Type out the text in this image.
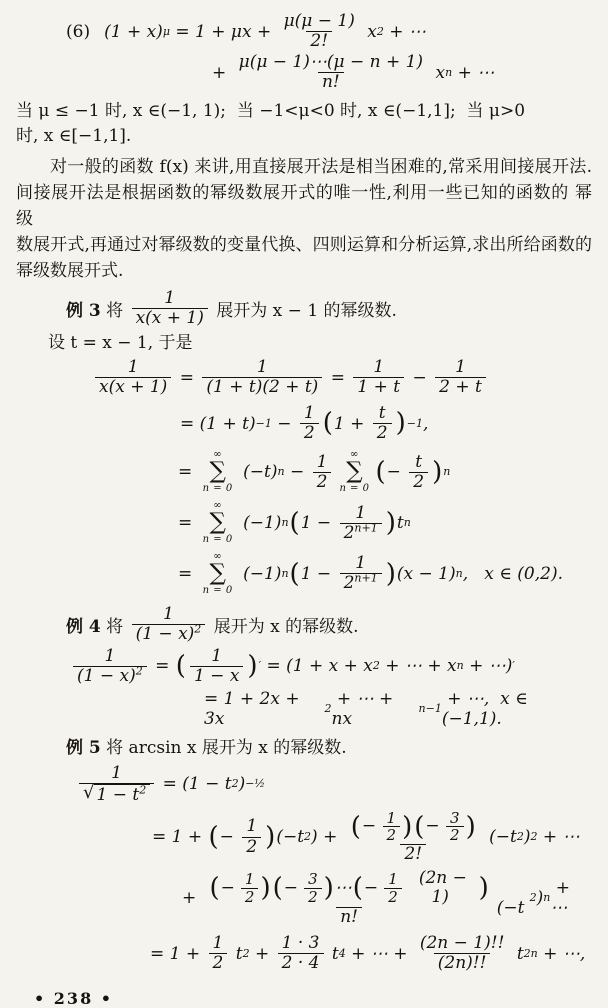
(6) (1 + x) $\mu = 1 + \mu x + \frac{\mu(\mu - 1)}{2!}$ x 2 + ⋯
+ $\frac{\mu(\mu - 1)\cdots(\mu - n + 1)}{n!}$ x n + ⋯
当 μ ≤ −1 时, x ∈(−1, 1);  当 −1<μ<0 时, x ∈(−1,1];  当 μ>0
时, x ∈[−1,1].
对一般的函数 f(x) 来讲,用直接展开法是相当困难的,常采用间接展开法.
间接展开法是根据函数的幂级数展开式的唯一性,利用一些已知的函数的 幂 级
数展开式,再通过对幂级数的变量代换、四则运算和分析运算,求出所给函数的
幂级数展开式.
例 3 将 $\frac{1}{x(x + 1)}$ 展开为 x − 1 的幂级数.
设 t = x − 1, 于是
$\frac{1}{x(x + 1)} = \frac{1}{(1 + t)(2 + t)} = \frac{1}{1 + t} - \frac{1}{2 + t}$
= $(1 + t) -1 - \frac{1}{2}$ ( $1 + \frac{t}{2}$ ) −1 ,
=
∞
∑
n = 0
(−t) $n - \frac{1}{2}$ ∞
∑
n = 0
( − $\frac{t}{2}$ ) n
=
∞
∑
n = 0
(−1) n ( $1 - \frac{1}{2^{n+1}}$ ) t n
=
∞
∑
n = 0
(−1) n ( $1 - \frac{1}{2^{n+1}}$ ) (x − 1) n ,   x ∈ (0,2).
例 4 将 $\frac{1}{(1 - x)^2}$ 展开为 x 的幂级数.
$\frac{1}{(1 - x)^2}$ = ( $\frac{1}{1 - x}$ ) ′ = (1 + x + x 2 + ⋯ + x n + ⋯) ′
= 1 + 2x + 3x
2 + ⋯ + nx
n−1 + ⋯,  x ∈ (−1,1).
例 5 将 arcsin x 展开为 x 的幂级数.
$\frac{1}{√ 1 - t^2} = (1 - t$ 2 ) −½
= 1 + ( − $\frac{1}{2}$ ) (−t 2 ) + ( − $\frac{1}{2}$ ) ( − $\frac{3}{2}$ )
2!
(−t 2 ) 2 + ⋯
+ ( − $\frac{1}{2}$ ) ( − $\frac{3}{2}$ ) ⋯ ( − $\frac{1}{2} (2n - 1)$	)
n!
(−t
2 ) n + ⋯
= $1 + \frac{1}{2}$ t $2 + \frac{1 \cdot 3}{2 \cdot 4}$ t 4 + ⋯ + $\frac{(2n - 1)!!}{(2n)!!}$ t 2n + ⋯,
• 238 •
